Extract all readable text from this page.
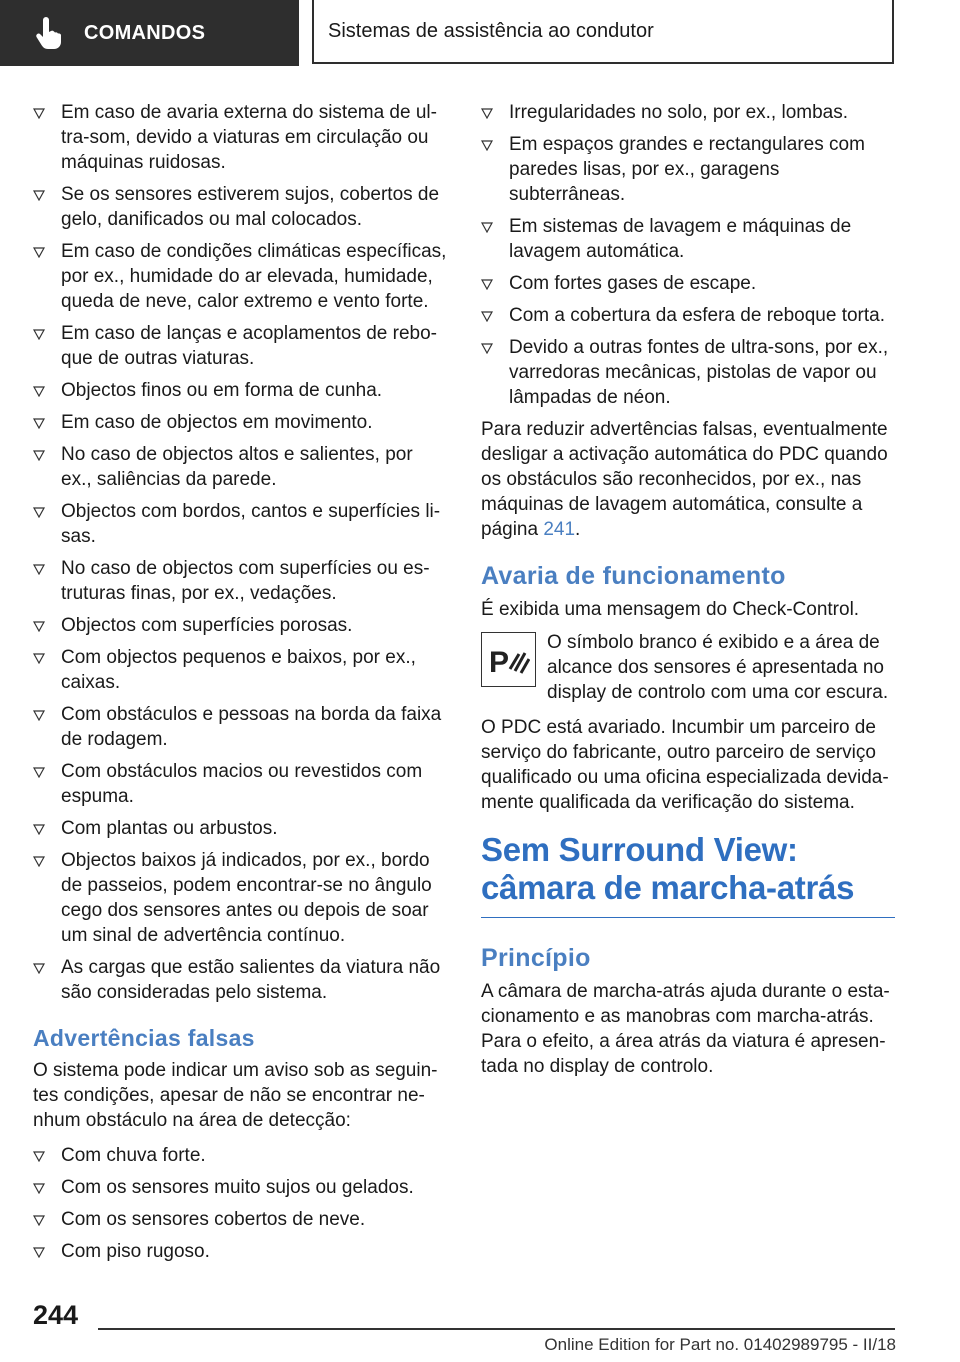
COMANDOS	Sistemas de assistência ao condutor
Em caso de avaria externa do sistema de ultra-som, devido a viaturas em circulação ou máquinas ruidosas.
Se os sensores estiverem sujos, cobertos de gelo, danificados ou mal colocados.
Em caso de condições climáticas específicas, por ex., humidade do ar elevada, humidade, queda de neve, calor extremo e vento forte.
Em caso de lanças e acoplamentos de reboque de outras viaturas.
Objectos finos ou em forma de cunha.
Em caso de objectos em movimento.
No caso de objectos altos e salientes, por ex., saliências da parede.
Objectos com bordos, cantos e superfícies lisas.
No caso de objectos com superfícies ou estruturas finas, por ex., vedações.
Objectos com superfícies porosas.
Com objectos pequenos e baixos, por ex., caixas.
Com obstáculos e pessoas na borda da faixa de rodagem.
Com obstáculos macios ou revestidos com espuma.
Com plantas ou arbustos.
Objectos baixos já indicados, por ex., bordo de passeios, podem encontrar-se no ângulo cego dos sensores antes ou depois de soar um sinal de advertência contínuo.
As cargas que estão salientes da viatura não são consideradas pelo sistema.
Advertências falsas

O sistema pode indicar um aviso sob as seguintes condições, apesar de não se encontrar nenhum obstáculo na área de detecção:

Com chuva forte.
Com os sensores muito sujos ou gelados.
Com os sensores cobertos de neve.
Com piso rugoso.
Irregularidades no solo, por ex., lombas.
Em espaços grandes e rectangulares com paredes lisas, por ex., garagens subterrâneas.
Em sistemas de lavagem e máquinas de lavagem automática.
Com fortes gases de escape.
Com a cobertura da esfera de reboque torta.
Devido a outras fontes de ultra-sons, por ex., varredoras mecânicas, pistolas de vapor ou lâmpadas de néon.

Para reduzir advertências falsas, eventualmente desligar a activação automática do PDC quando os obstáculos são reconhecidos, por ex., nas máquinas de lavagem automática, consulte a página 241.

Avaria de funcionamento

É exibida uma mensagem do Check-Control.

P

O símbolo branco é exibido e a área de alcance dos sensores é apresentada no display de controlo com uma cor escura.

O PDC está avariado. Incumbir um parceiro de serviço do fabricante, outro parceiro de serviço qualificado ou uma oficina especializada devidamente qualificada da verificação do sistema.

Sem Surround View: câmara de marcha-atrás
Princípio

A câmara de marcha-atrás ajuda durante o estacionamento e as manobras com marcha-atrás. Para o efeito, a área atrás da viatura é apresentada no display de controlo.

244
Online Edition for Part no. 01402989795 - II/18
